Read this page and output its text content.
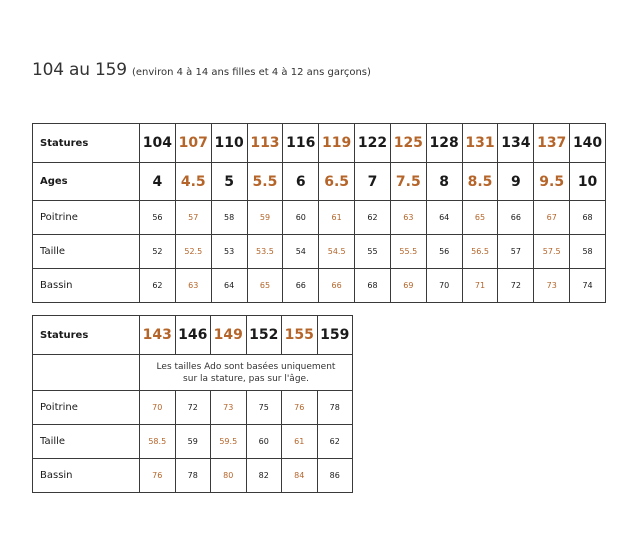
104 au 159 (environ 4 à 14 ans filles et 4 à 12 ans garçons)
Statures	104	107	110	113	116	119	122	125	128	131	134	137	140
Ages	4	4.5	5	5.5	6	6.5	7	7.5	8	8.5	9	9.5	10
Poitrine	56	57	58	59	60	61	62	63	64	65	66	67	68
Taille	52	52.5	53	53.5	54	54.5	55	55.5	56	56.5	57	57.5	58
Bassin	62	63	64	65	66	66	68	69	70	71	72	73	74
Statures	143	146	149	152	155	159

	Les tailles Ado sont basées uniquement
sur la stature, pas sur l'âge.					

Poitrine	70	72	73	75	76	78
Taille	58.5	59	59.5	60	61	62
Bassin	76	78	80	82	84	86
